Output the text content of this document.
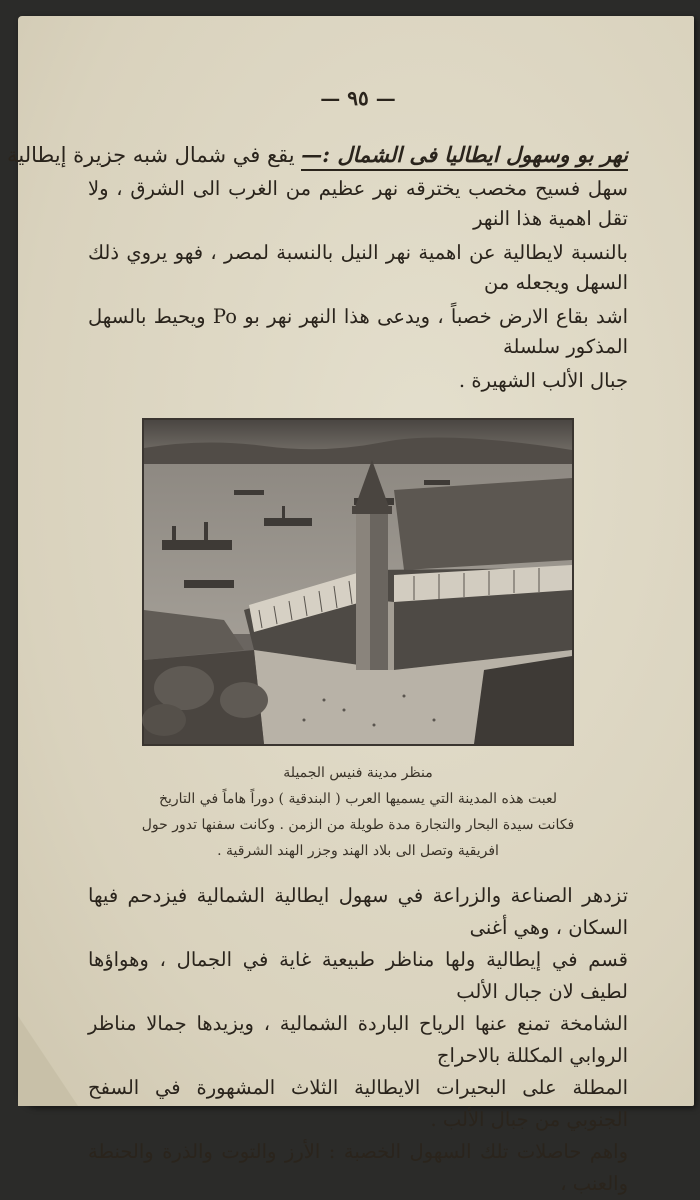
— ٩٥ —

نهر بو وسهول ايطاليا فى الشمال :— يقع في شمال شبه جزيرة إيطالية

سهل فسيح مخصب يخترقه نهر عظيم من الغرب الى الشرق ، ولا تقل اهمية هذا النهر

بالنسبة لايطالية عن اهمية نهر النيل بالنسبة لمصر ، فهو يروي ذلك السهل ويجعله من

اشد بقاع الارض خصباً ، ويدعى هذا النهر نهر بو Po ويحيط بالسهل المذكور سلسلة

جبال الألب الشهيرة .

منظر مدينة فنيس الجميلة

لعبت هذه المدينة التي يسميها العرب ( البندقية ) دوراً هاماً في التاريخ

فكانت سيدة البحار والتجارة مدة طويلة من الزمن . وكانت سفنها تدور حول

افريقية وتصل الى بلاد الهند وجزر الهند الشرقية .

تزدهر الصناعة والزراعة في سهول ايطالية الشمالية فيزدحم فيها السكان ، وهي أغنى

قسم في إيطالية ولها مناظر طبيعية غاية في الجمال ، وهواؤها لطيف لان جبال الألب

الشامخة تمنع عنها الرياح الباردة الشمالية ، ويزيدها جمالا مناظر الروابي المكللة بالاحراج

المطلة على البحيرات الايطالية الثلاث المشهورة في السفح الجنوبي من جبال الألب .

واهم حاصلات تلك السهول الخصبة : الأرز والتوت والذرة والحنطة والعنب ،
